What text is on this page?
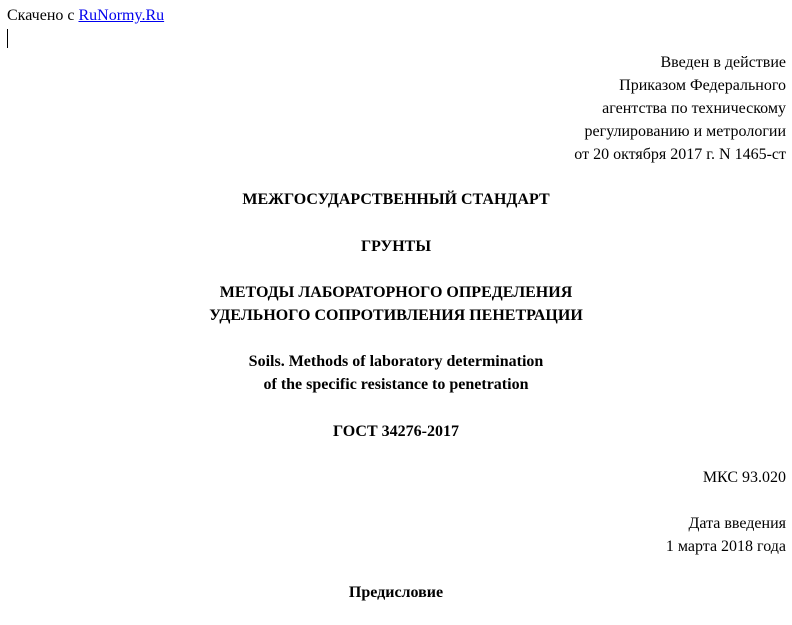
Скачено с RuNormy.Ru
Введен в действие
Приказом Федерального
агентства по техническому
регулированию и метрологии
от 20 октября 2017 г. N 1465-ст
МЕЖГОСУДАРСТВЕННЫЙ СТАНДАРТ
ГРУНТЫ
МЕТОДЫ ЛАБОРАТОРНОГО ОПРЕДЕЛЕНИЯ
УДЕЛЬНОГО СОПРОТИВЛЕНИЯ ПЕНЕТРАЦИИ
Soils. Methods of laboratory determination
of the specific resistance to penetration
ГОСТ 34276-2017
МКС 93.020
Дата введения
1 марта 2018 года
Предисловие
